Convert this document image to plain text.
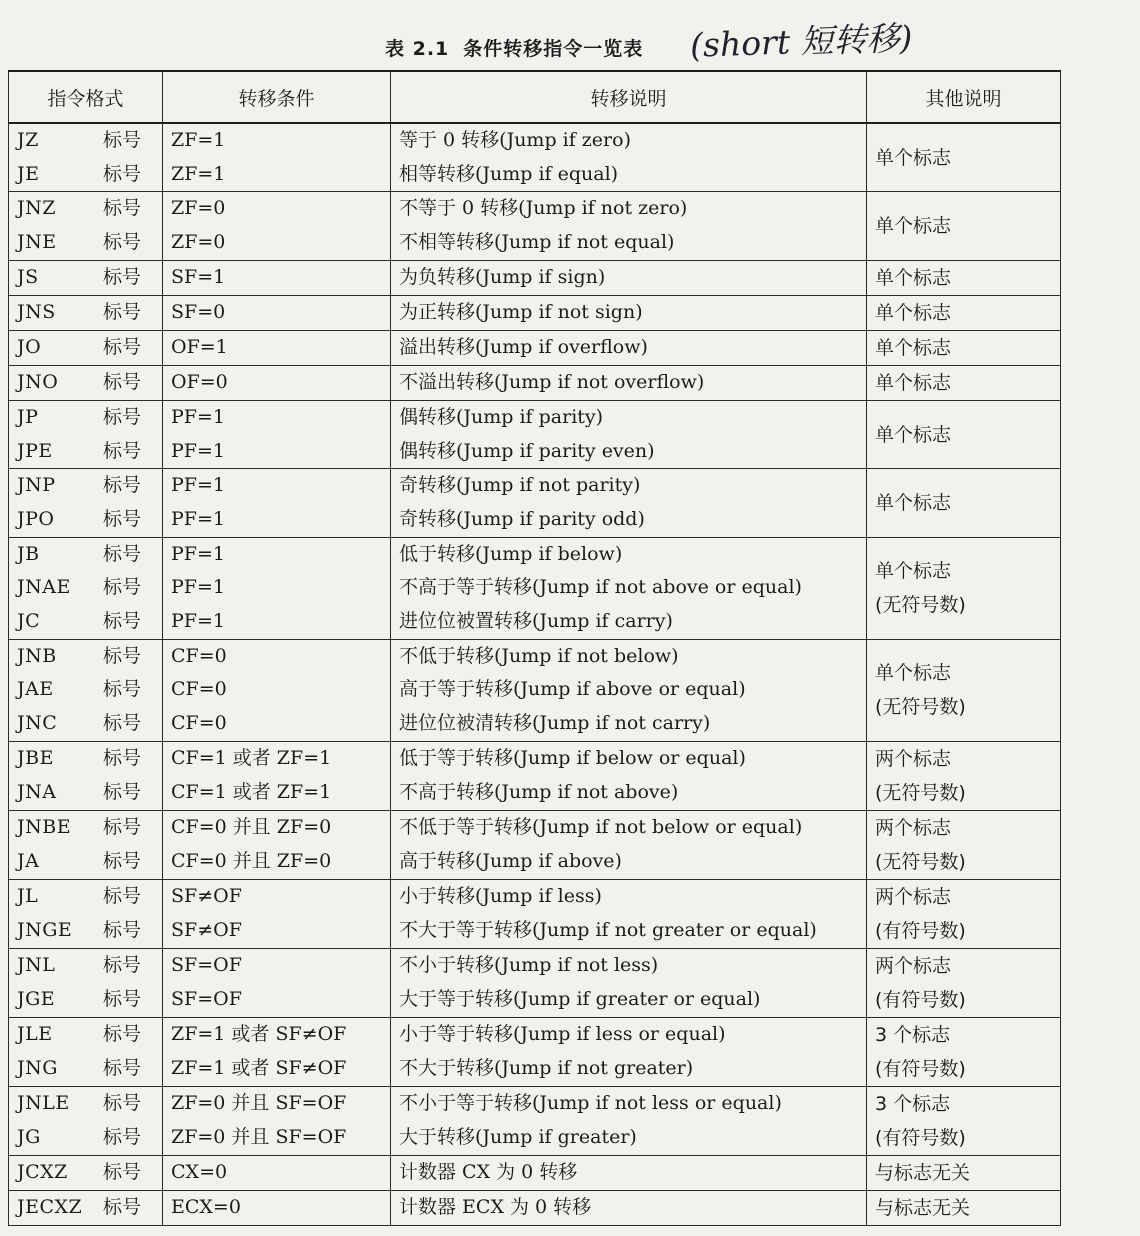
表 2.1 条件转移指令一览表 (short 短转移)
指令格式	转移条件	转移说明	其他说明

JZ 标号	ZF=1	等于 0 转移(Jump if zero)	单个标志

JE 标号	ZF=1	相等转移(Jump if equal)	

JNZ 标号	ZF=0	不等于 0 转移(Jump if not zero)	单个标志

JNE 标号	ZF=0	不相等转移(Jump if not equal)	

JS 标号	SF=1	为负转移(Jump if sign)	单个标志

JNS 标号	SF=0	为正转移(Jump if not sign)	单个标志

JO 标号	OF=1	溢出转移(Jump if overflow)	单个标志

JNO 标号	OF=0	不溢出转移(Jump if not overflow)	单个标志

JP 标号	PF=1	偶转移(Jump if parity)	单个标志

JPE 标号	PF=1	偶转移(Jump if parity even)	

JNP 标号	PF=1	奇转移(Jump if not parity)	单个标志

JPO 标号	PF=1	奇转移(Jump if parity odd)	

JB 标号	PF=1	低于转移(Jump if below)	单个标志
(无符号数)

JNAE 标号	PF=1	不高于等于转移(Jump if not above or equal)	

JC 标号	PF=1	进位位被置转移(Jump if carry)	

JNB 标号	CF=0	不低于转移(Jump if not below)	单个标志
(无符号数)

JAE 标号	CF=0	高于等于转移(Jump if above or equal)	

JNC 标号	CF=0	进位位被清转移(Jump if not carry)	

JBE 标号	CF=1 或者 ZF=1	低于等于转移(Jump if below or equal)	两个标志
(无符号数)

JNA 标号	CF=1 或者 ZF=1	不高于转移(Jump if not above)	

JNBE 标号	CF=0 并且 ZF=0	不低于等于转移(Jump if not below or equal)	两个标志
(无符号数)

JA 标号	CF=0 并且 ZF=0	高于转移(Jump if above)	

JL 标号	SF≠OF	小于转移(Jump if less)	两个标志
(有符号数)

JNGE 标号	SF≠OF	不大于等于转移(Jump if not greater or equal)	

JNL 标号	SF=OF	不小于转移(Jump if not less)	两个标志
(有符号数)

JGE 标号	SF=OF	大于等于转移(Jump if greater or equal)	

JLE 标号	ZF=1 或者 SF≠OF	小于等于转移(Jump if less or equal)	3 个标志
(有符号数)

JNG 标号	ZF=1 或者 SF≠OF	不大于转移(Jump if not greater)	

JNLE 标号	ZF=0 并且 SF=OF	不小于等于转移(Jump if not less or equal)	3 个标志
(有符号数)

JG 标号	ZF=0 并且 SF=OF	大于转移(Jump if greater)	

JCXZ 标号	CX=0	计数器 CX 为 0 转移	与标志无关

JECXZ 标号	ECX=0	计数器 ECX 为 0 转移	与标志无关
